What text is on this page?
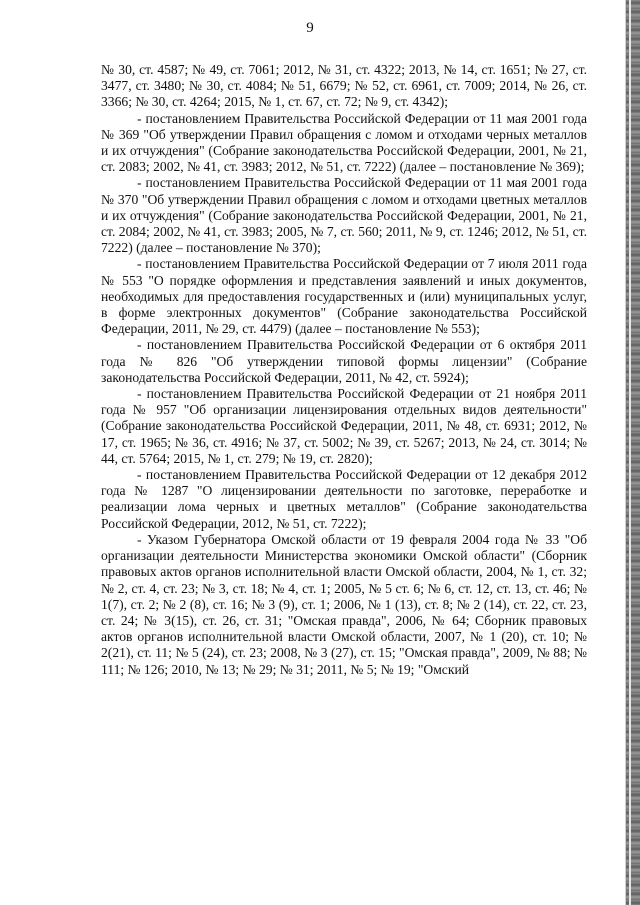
9

№ 30, ст. 4587; № 49, ст. 7061; 2012, № 31, ст. 4322; 2013, № 14, ст. 1651; № 27, ст. 3477, ст. 3480; № 30, ст. 4084; № 51, 6679; № 52, ст. 6961, ст. 7009; 2014, № 26, ст. 3366; № 30, ст. 4264; 2015, № 1, ст. 67, ст. 72; № 9, ст. 4342);

- постановлением Правительства Российской Федерации от 11 мая 2001 года № 369 "Об утверждении Правил обращения с ломом и отходами черных металлов и их отчуждения" (Собрание законодательства Российской Федерации, 2001, № 21, ст. 2083; 2002, № 41, ст. 3983; 2012, № 51, ст. 7222) (далее – постановление № 369);

- постановлением Правительства Российской Федерации от 11 мая 2001 года № 370 "Об утверждении Правил обращения с ломом и отходами цветных металлов и их отчуждения" (Собрание законодательства Российской Федерации, 2001, № 21, ст. 2084; 2002, № 41, ст. 3983; 2005, № 7, ст. 560; 2011, № 9, ст. 1246; 2012, № 51, ст. 7222) (далее – постановление № 370);

- постановлением Правительства Российской Федерации от 7 июля 2011 года № 553 "О порядке оформления и представления заявлений и иных документов, необходимых для предоставления государственных и (или) муниципальных услуг, в форме электронных документов" (Собрание законодательства Российской Федерации, 2011, № 29, ст. 4479) (далее – постановление № 553);

- постановлением Правительства Российской Федерации от 6 октября 2011 года № 826 "Об утверждении типовой формы лицензии" (Собрание законодательства Российской Федерации, 2011, № 42, ст. 5924);

- постановлением Правительства Российской Федерации от 21 ноября 2011 года № 957 "Об организации лицензирования отдельных видов деятельности" (Собрание законодательства Российской Федерации, 2011, № 48, ст. 6931; 2012, № 17, ст. 1965; № 36, ст. 4916; № 37, ст. 5002; № 39, ст. 5267; 2013, № 24, ст. 3014; № 44, ст. 5764; 2015, № 1, ст. 279; № 19, ст. 2820);

- постановлением Правительства Российской Федерации от 12 декабря 2012 года № 1287 "О лицензировании деятельности по заготовке, переработке и реализации лома черных и цветных металлов" (Собрание законодательства Российской Федерации, 2012, № 51, ст. 7222);

- Указом Губернатора Омской области от 19 февраля 2004 года № 33 "Об организации деятельности Министерства экономики Омской области" (Сборник правовых актов органов исполнительной власти Омской области, 2004, № 1, ст. 32; № 2, ст. 4, ст. 23; № 3, ст. 18; № 4, ст. 1; 2005, № 5 ст. 6; № 6, ст. 12, ст. 13, ст. 46; № 1(7), ст. 2; № 2 (8), ст. 16; № 3 (9), ст. 1; 2006, № 1 (13), ст. 8; № 2 (14), ст. 22, ст. 23, ст. 24; № 3(15), ст. 26, ст. 31; "Омская правда", 2006, № 64; Сборник правовых актов органов исполнительной власти Омской области, 2007, № 1 (20), ст. 10; № 2(21), ст. 11; № 5 (24), ст. 23; 2008, № 3 (27), ст. 15; "Омская правда", 2009, № 88; № 111; № 126; 2010, № 13; № 29; № 31; 2011, № 5; № 19; "Омский
